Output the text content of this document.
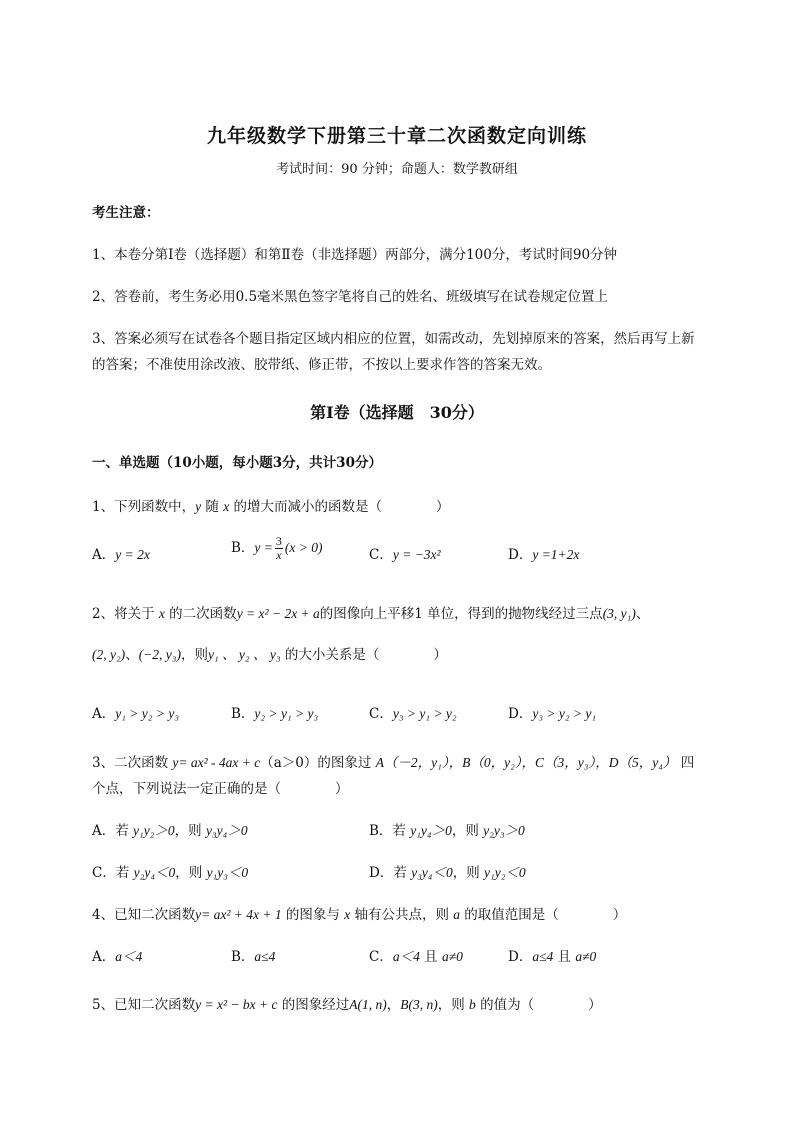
九年级数学下册第三十章二次函数定向训练
考试时间：90 分钟；命题人：数学教研组
考生注意：
1、本卷分第I卷（选择题）和第Ⅱ卷（非选择题）两部分，满分100分，考试时间90分钟
2、答卷前，考生务必用0.5毫米黑色签字笔将自己的姓名、班级填写在试卷规定位置上
3、答案必须写在试卷各个题目指定区域内相应的位置，如需改动，先划掉原来的答案，然后再写上新
的答案；不准使用涂改液、胶带纸、修正带，不按以上要求作答的答案无效。
第I卷（选择题　30分）
一、单选题（10小题，每小题3分，共计30分）
1、下列函数中，y 随 x 的增大而减小的函数是（　　　　）
A．y = 2x	B．$y = \frac{3}{x} (x > 0)$	C．y = −3x²	D．y =1+2x
2、将关于 x 的二次函数y = x² − 2x + a的图像向上平移1 单位，得到的抛物线经过三点(3, y₁)、
(2, y₂)、(−2, y₃)，则y₁ 、 y₂ 、 y₃ 的大小关系是（　　　　）
A．y₁ > y₂ > y₃	B．y₂ > y₁ > y₃	C．y₃ > y₁ > y₂	D．y₃ > y₂ > y₁
3、二次函数 y= ax² - 4ax + c（a＞0）的图象过 A（－2，y₁），B（0，y₂），C（3，y₃），D（5，y₄） 四
个点，下列说法一定正确的是（　　　　）
A．若 y₁y₂＞0，则 y₃y₄＞0	B．若 y₁y₄＞0，则 y₂y₃＞0
C．若 y₂y₄＜0，则 y₁y₃＜0	D．若 y₃y₄＜0，则 y₁y₂＜0
4、已知二次函数y= ax² + 4x + 1 的图象与 x 轴有公共点，则 a 的取值范围是（　　　　）
A．a＜4	B．a≤4	C．a＜4 且 a≠0	D．a≤4 且 a≠0
5、已知二次函数y = x² − bx + c 的图象经过A(1, n)，B(3, n)，则 b 的值为（　　　　）
